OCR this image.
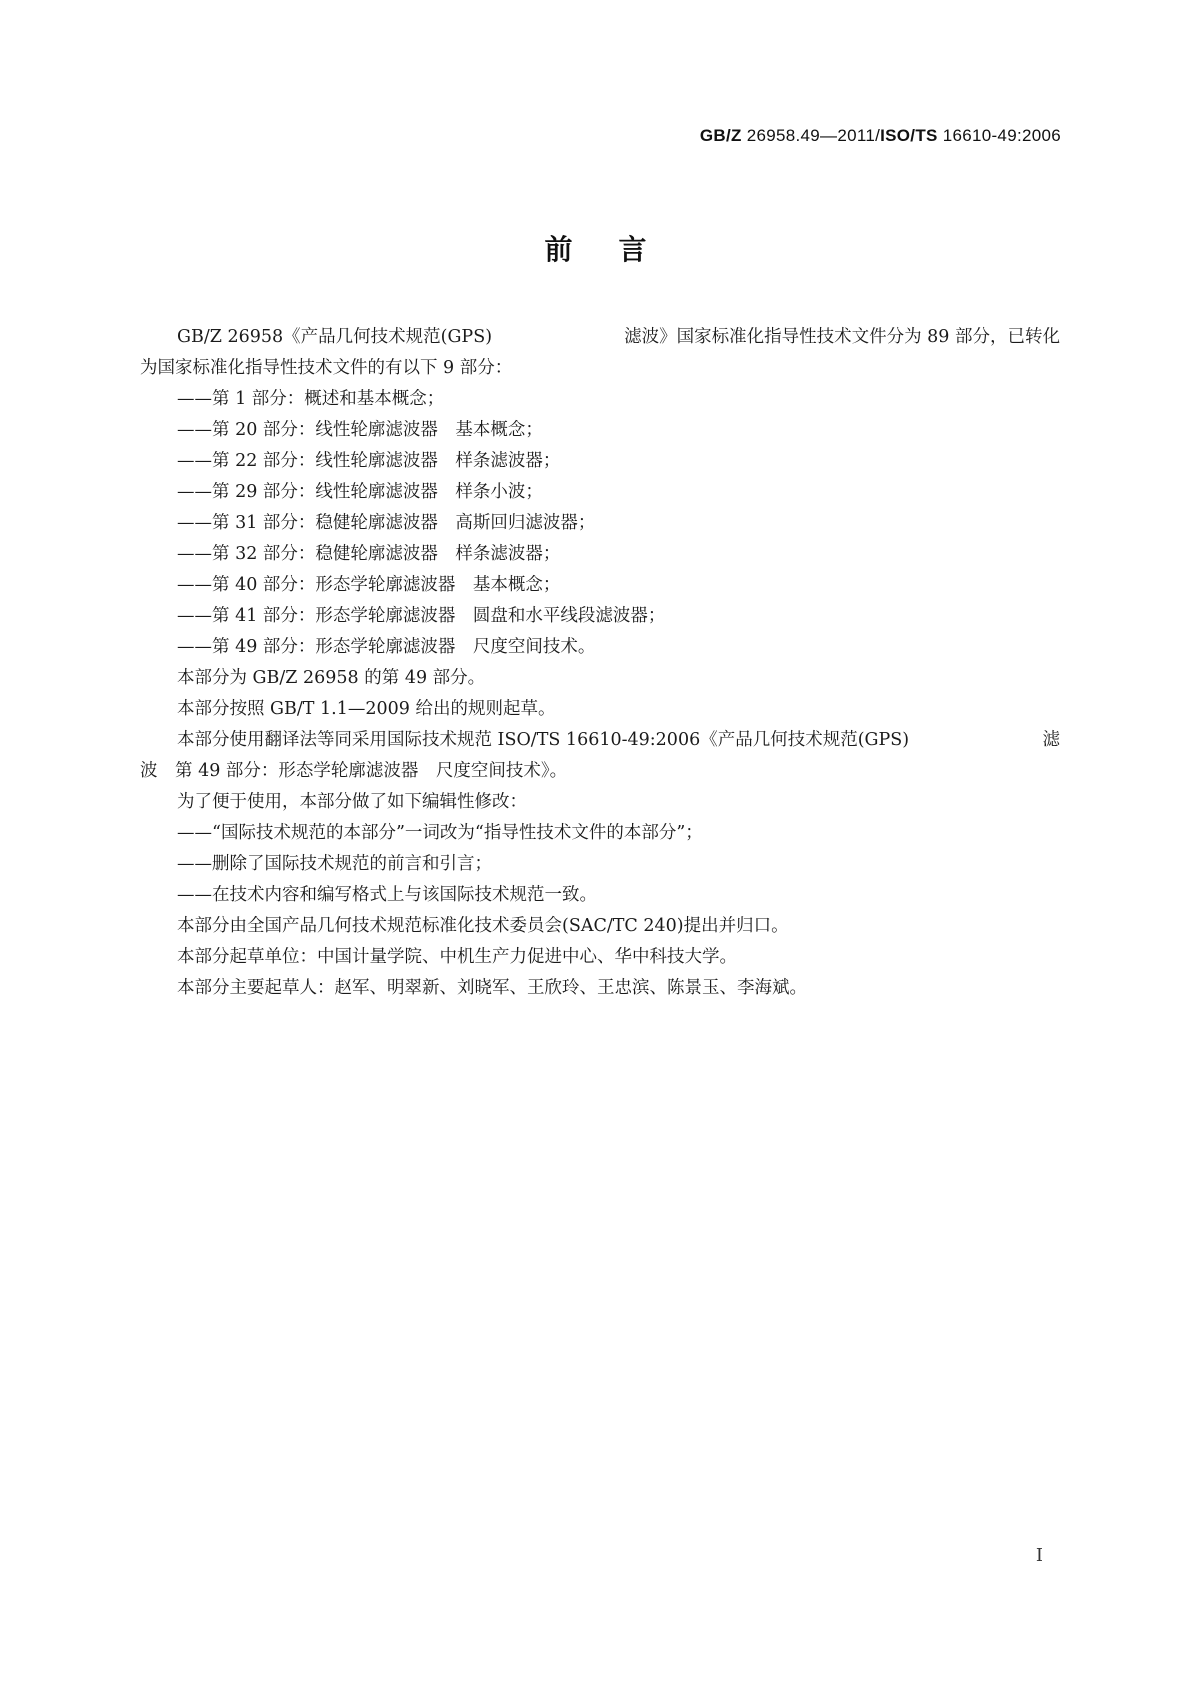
GB/Z 26958.49—2011/ISO/TS 16610-49:2006
前言

GB/Z 26958《产品几何技术规范(GPS)	滤波》国家标准化指导性技术文件分为 89 部分，已转化

为国家标准化指导性技术文件的有以下 9 部分：

——第 1 部分：概述和基本概念；

——第 20 部分：线性轮廓滤波器　基本概念；

——第 22 部分：线性轮廓滤波器　样条滤波器；

——第 29 部分：线性轮廓滤波器　样条小波；

——第 31 部分：稳健轮廓滤波器　高斯回归滤波器；

——第 32 部分：稳健轮廓滤波器　样条滤波器；

——第 40 部分：形态学轮廓滤波器　基本概念；

——第 41 部分：形态学轮廓滤波器　圆盘和水平线段滤波器；

——第 49 部分：形态学轮廓滤波器　尺度空间技术。

本部分为 GB/Z 26958 的第 49 部分。

本部分按照 GB/T 1.1—2009 给出的规则起草。

本部分使用翻译法等同采用国际技术规范 ISO/TS 16610-49:2006《产品几何技术规范(GPS)	滤

波　第 49 部分：形态学轮廓滤波器　尺度空间技术》。

为了便于使用，本部分做了如下编辑性修改：

——“国际技术规范的本部分”一词改为“指导性技术文件的本部分”；

——删除了国际技术规范的前言和引言；

——在技术内容和编写格式上与该国际技术规范一致。

本部分由全国产品几何技术规范标准化技术委员会(SAC/TC 240)提出并归口。

本部分起草单位：中国计量学院、中机生产力促进中心、华中科技大学。

本部分主要起草人：赵军、明翠新、刘晓军、王欣玲、王忠滨、陈景玉、李海斌。

I
